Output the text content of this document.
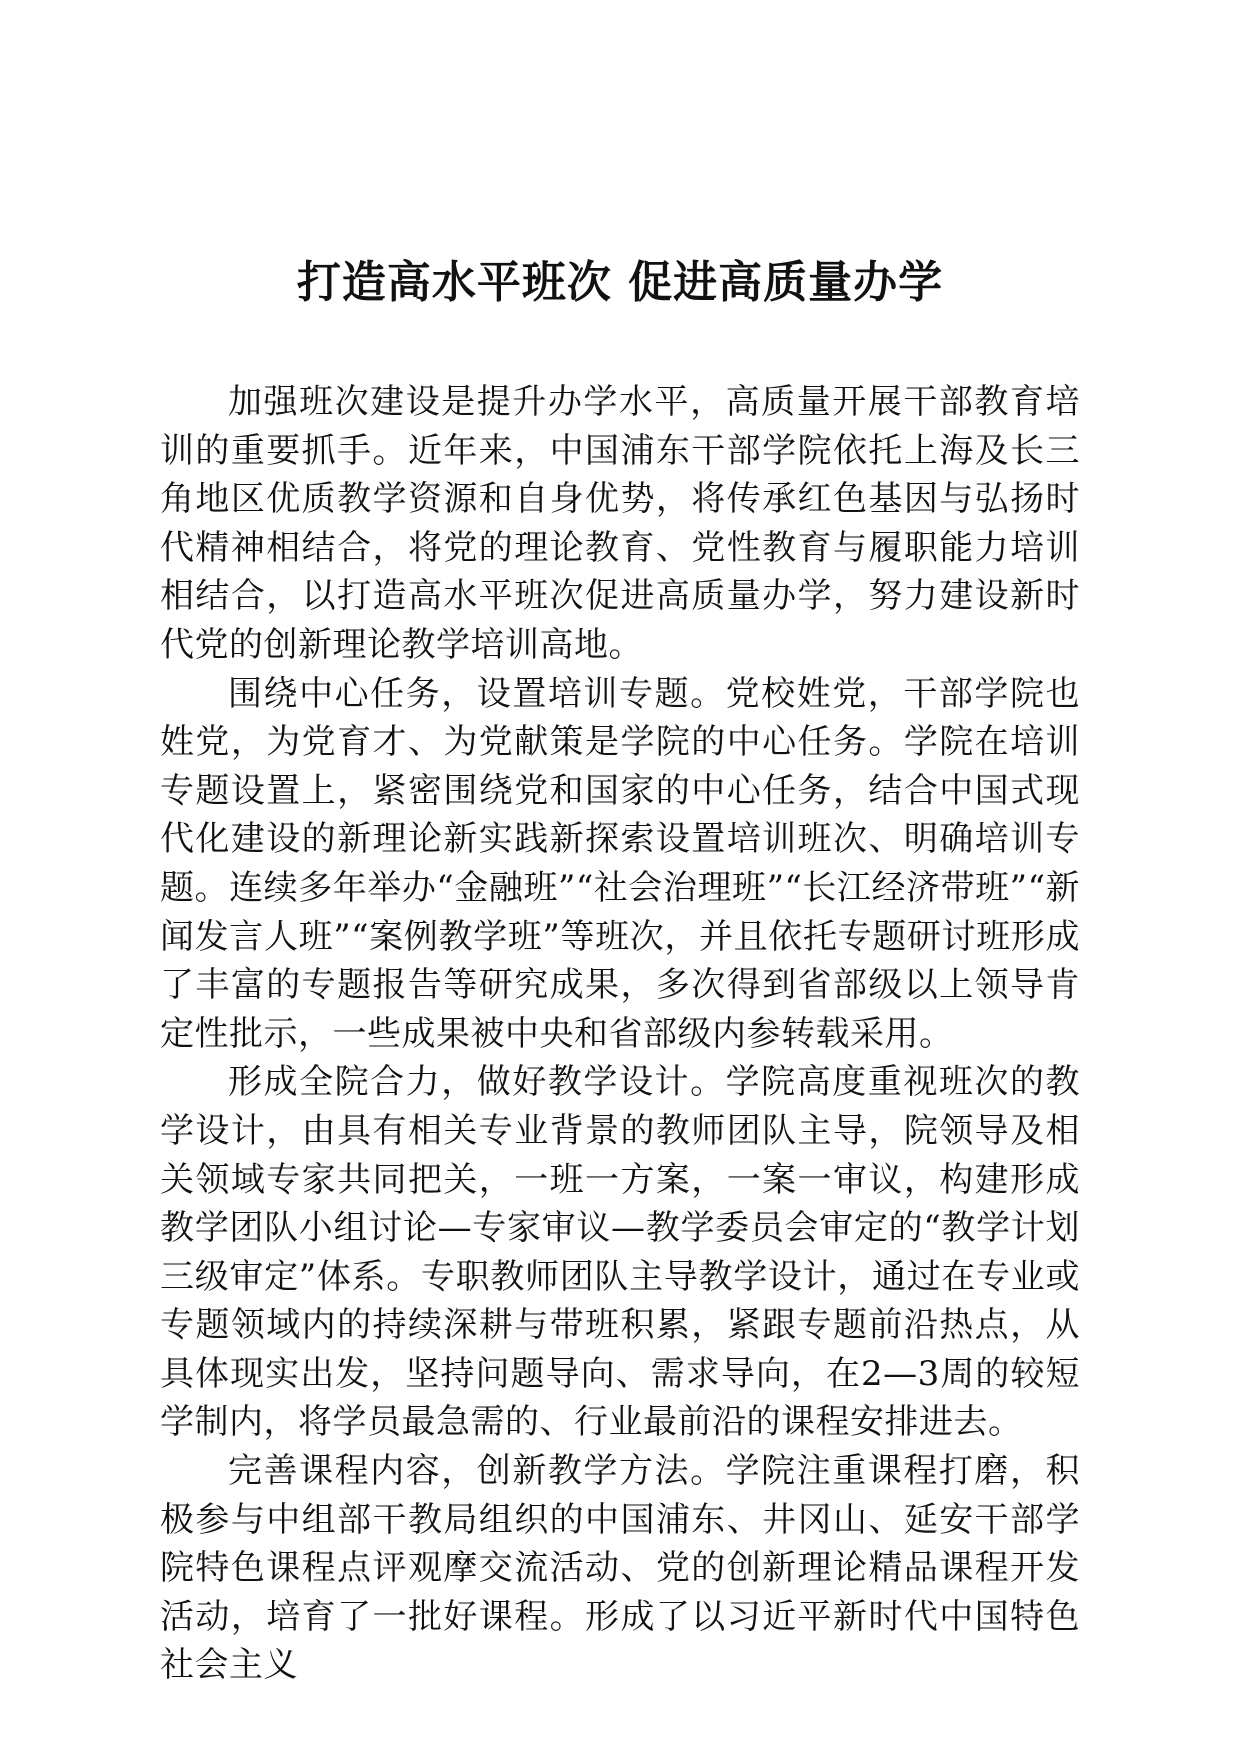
打造高水平班次 促进高质量办学

加强班次建设是提升办学水平，高质量开展干部教育培训的重要抓手。近年来，中国浦东干部学院依托上海及长三角地区优质教学资源和自身优势，将传承红色基因与弘扬时代精神相结合，将党的理论教育、党性教育与履职能力培训相结合，以打造高水平班次促进高质量办学，努力建设新时代党的创新理论教学培训高地。

围绕中心任务，设置培训专题。党校姓党，干部学院也姓党，为党育才、为党献策是学院的中心任务。学院在培训专题设置上，紧密围绕党和国家的中心任务，结合中国式现代化建设的新理论新实践新探索设置培训班次、明确培训专题。连续多年举办“金融班”“社会治理班”“长江经济带班”“新闻发言人班”“案例教学班”等班次，并且依托专题研讨班形成了丰富的专题报告等研究成果，多次得到省部级以上领导肯定性批示，一些成果被中央和省部级内参转载采用。

形成全院合力，做好教学设计。学院高度重视班次的教学设计，由具有相关专业背景的教师团队主导，院领导及相关领域专家共同把关，一班一方案，一案一审议，构建形成教学团队小组讨论—专家审议—教学委员会审定的“教学计划三级审定”体系。专职教师团队主导教学设计，通过在专业或专题领域内的持续深耕与带班积累，紧跟专题前沿热点，从具体现实出发，坚持问题导向、需求导向，在2—3周的较短学制内，将学员最急需的、行业最前沿的课程安排进去。

完善课程内容，创新教学方法。学院注重课程打磨，积极参与中组部干教局组织的中国浦东、井冈山、延安干部学院特色课程点评观摩交流活动、党的创新理论精品课程开发活动，培育了一批好课程。形成了以习近平新时代中国特色社会主义
